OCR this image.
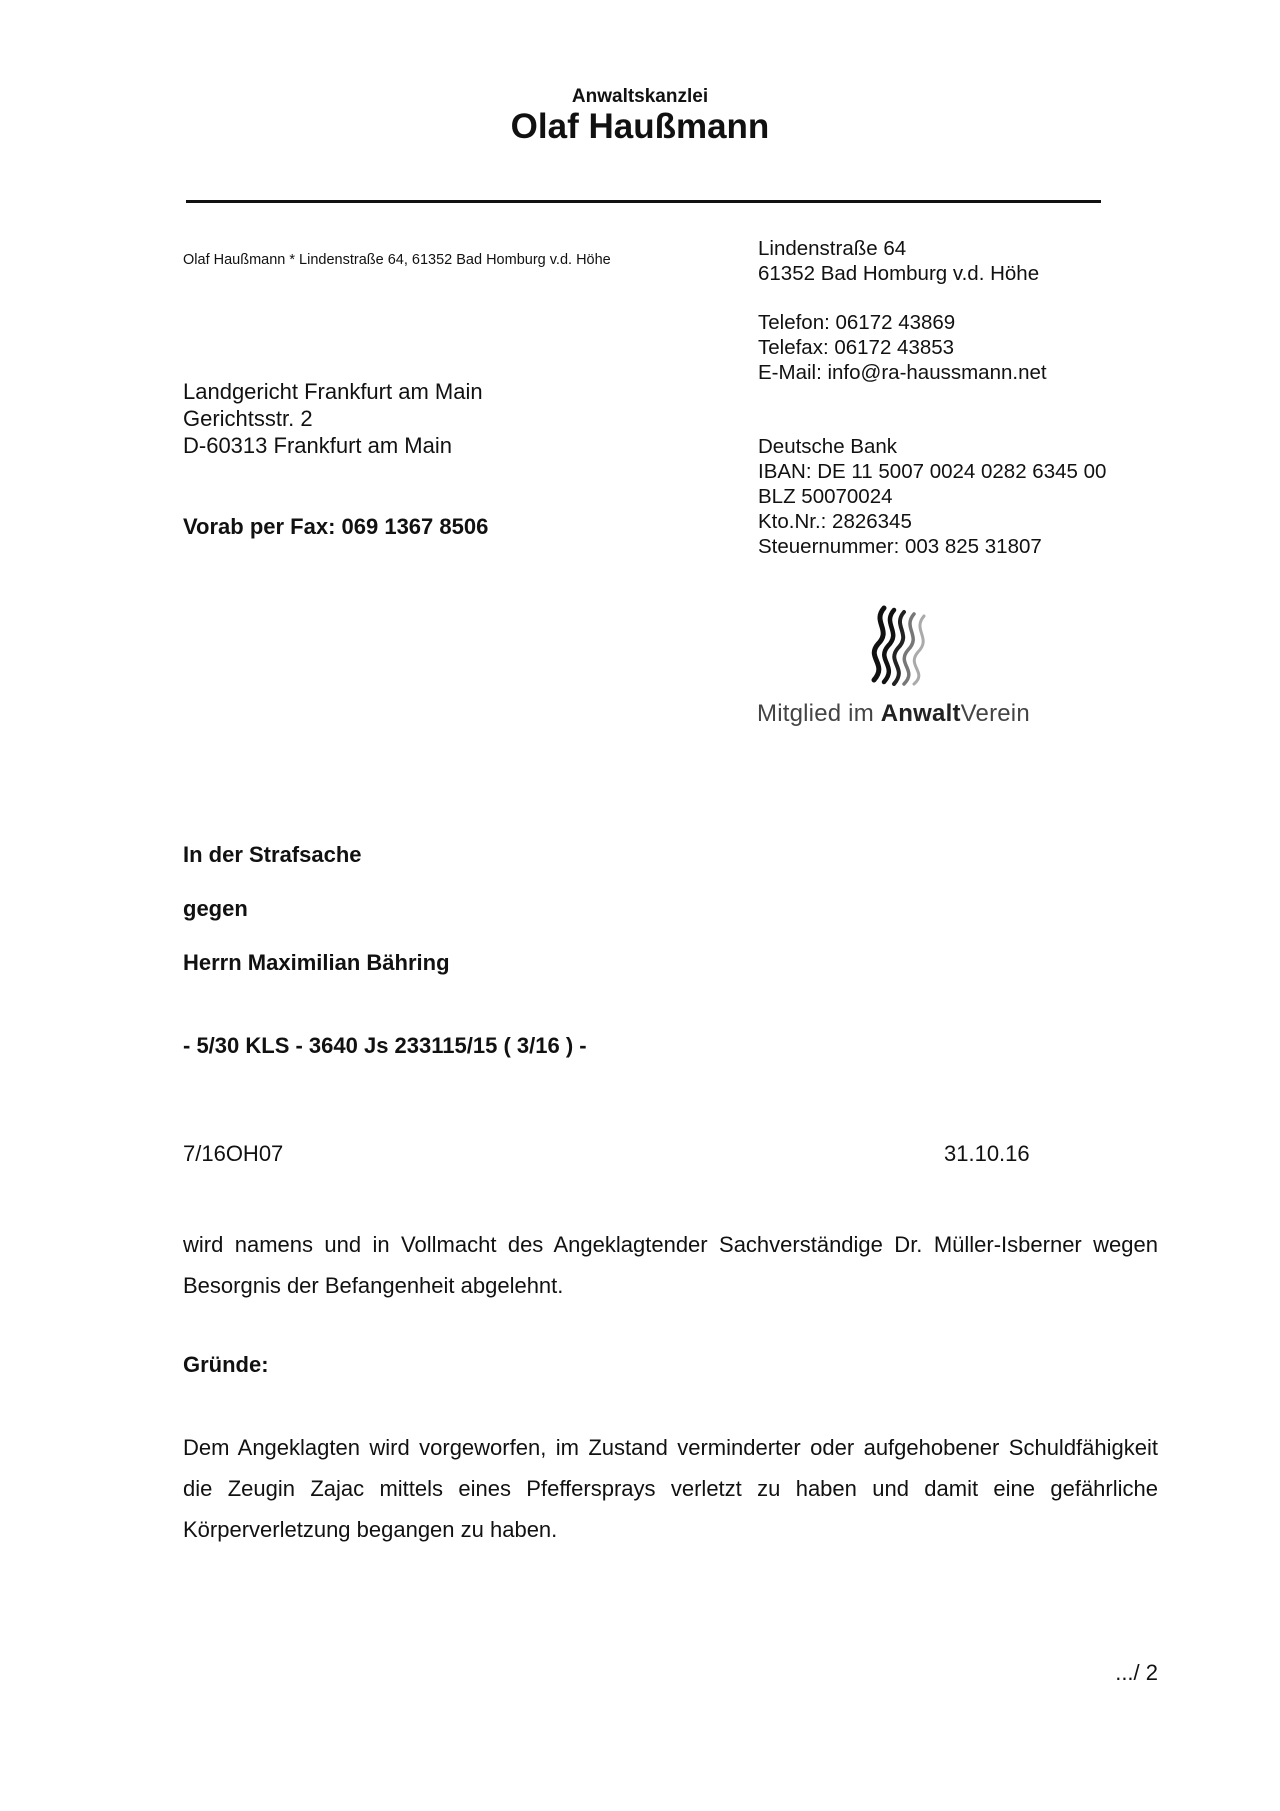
Anwaltskanzlei
Olaf Haußmann
Olaf Haußmann * Lindenstraße 64, 61352 Bad Homburg v.d. Höhe
Landgericht Frankfurt am Main
Gerichtsstr. 2
D-60313 Frankfurt am Main
Vorab per Fax: 069 1367 8506
Lindenstraße 64
61352 Bad Homburg v.d. Höhe
Telefon: 06172 43869
Telefax: 06172 43853
E-Mail: info@ra-haussmann.net
Deutsche Bank
IBAN: DE 11 5007 0024 0282 6345 00
BLZ 50070024
Kto.Nr.: 2826345
Steuernummer: 003 825 31807
Mitglied im AnwaltVerein
In der Strafsache
gegen
Herrn Maximilian Bähring
- 5/30 KLS - 3640 Js 233115/15 ( 3/16 ) -
7/16OH07	31.10.16
wird namens und in Vollmacht des Angeklagtender Sachverständige Dr. Müller-Isberner wegen Besorgnis der Befangenheit abgelehnt.
Gründe:
Dem Angeklagten wird vorgeworfen, im Zustand verminderter oder aufgehobener Schuldfähigkeit die Zeugin Zajac mittels eines Pfeffersprays verletzt zu haben und damit eine gefährliche Körperverletzung begangen zu haben.
.../ 2
